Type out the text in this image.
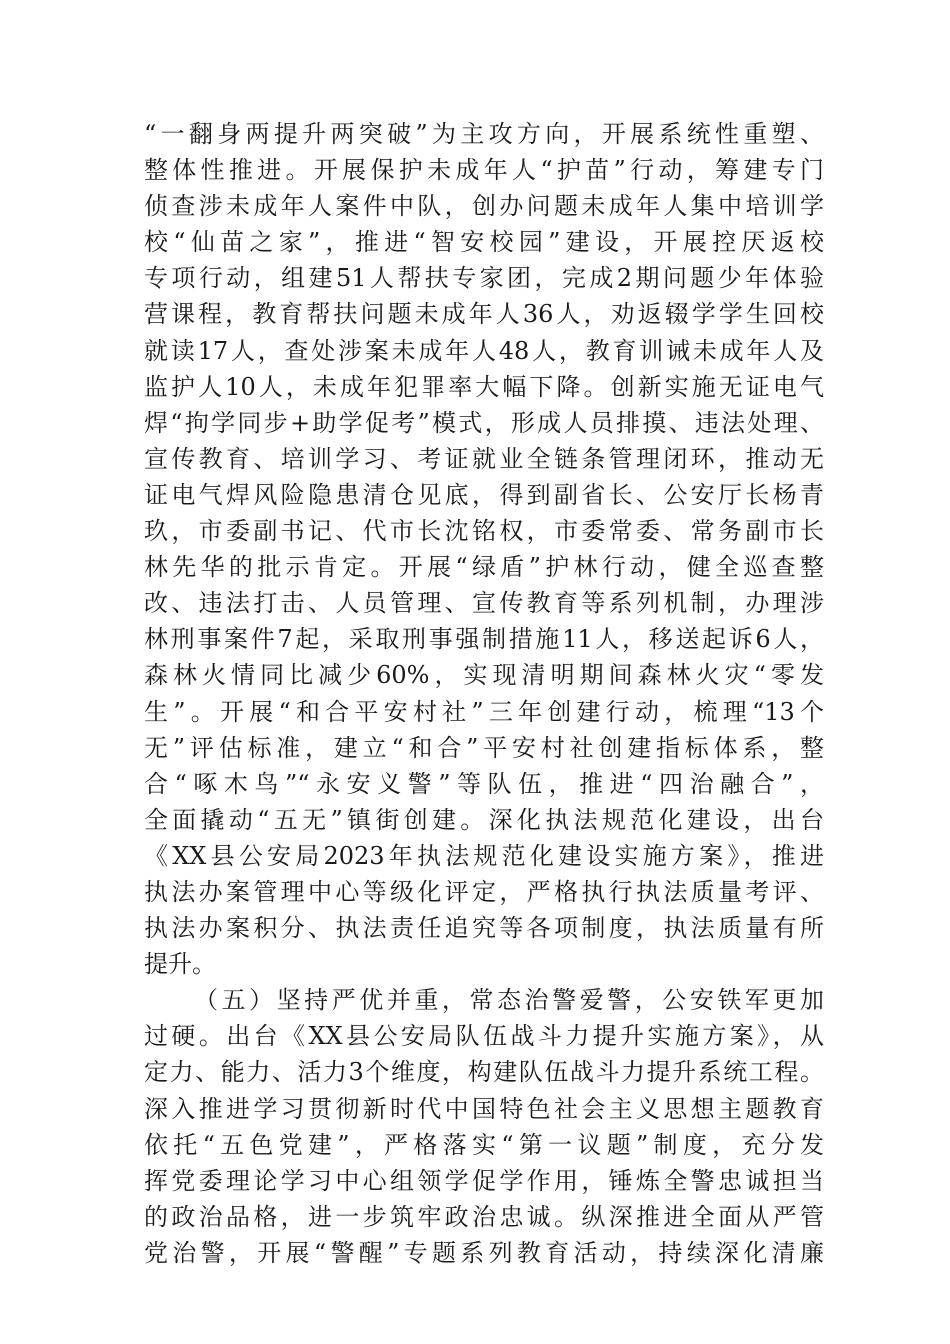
“一翻身两提升两突破”为主攻方向，开展系统性重塑、
整体性推进。开展保护未成年人“护苗”行动，筹建专门
侦查涉未成年人案件中队，创办问题未成年人集中培训学
校“仙苗之家”，推进“智安校园”建设，开展控厌返校
专项行动，组建51人帮扶专家团，完成2期问题少年体验
营课程，教育帮扶问题未成年人36人，劝返辍学学生回校
就读17人，查处涉案未成年人48人，教育训诫未成年人及
监护人10人，未成年犯罪率大幅下降。创新实施无证电气
焊“拘学同步+助学促考”模式，形成人员排摸、违法处理、
宣传教育、培训学习、考证就业全链条管理闭环，推动无
证电气焊风险隐患清仓见底，得到副省长、公安厅长杨青
玖，市委副书记、代市长沈铭权，市委常委、常务副市长
林先华的批示肯定。开展“绿盾”护林行动，健全巡查整
改、违法打击、人员管理、宣传教育等系列机制，办理涉
林刑事案件7起，采取刑事强制措施11人，移送起诉6人，
森林火情同比减少60%，实现清明期间森林火灾“零发
生”。开展“和合平安村社”三年创建行动，梳理“13个
无”评估标准，建立“和合”平安村社创建指标体系，整
合“啄木鸟”“永安义警”等队伍，推进“四治融合”，
全面撬动“五无”镇街创建。深化执法规范化建设，出台
《XX县公安局2023年执法规范化建设实施方案》，推进
执法办案管理中心等级化评定，严格执行执法质量考评、
执法办案积分、执法责任追究等各项制度，执法质量有所
提升。
（五）坚持严优并重，常态治警爱警，公安铁军更加
过硬。出台《XX县公安局队伍战斗力提升实施方案》，从
定力、能力、活力3个维度，构建队伍战斗力提升系统工程。
深入推进学习贯彻新时代中国特色社会主义思想主题教育
依托“五色党建”，严格落实“第一议题”制度，充分发
挥党委理论学习中心组领学促学作用，锤炼全警忠诚担当
的政治品格，进一步筑牢政治忠诚。纵深推进全面从严管
党治警，开展“警醒”专题系列教育活动，持续深化清廉
